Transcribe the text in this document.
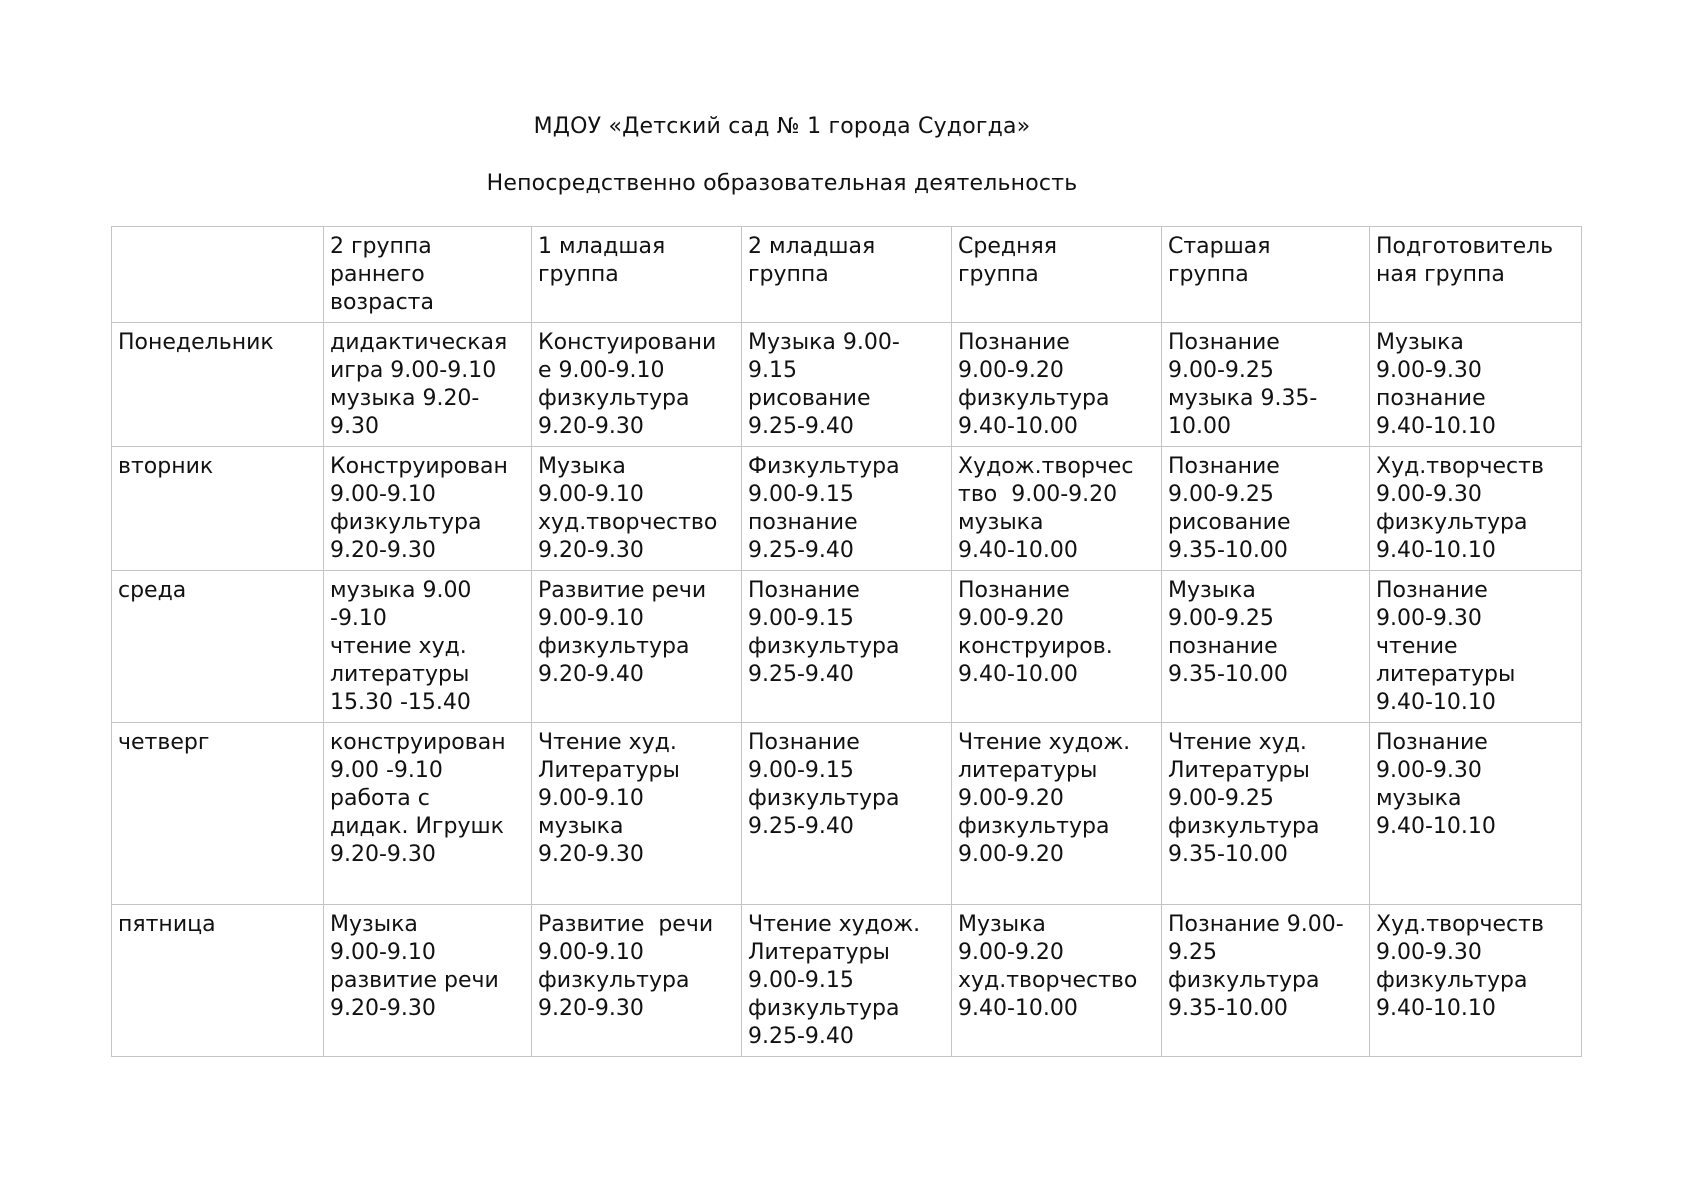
МДОУ «Детский сад № 1 города Судогда»
Непосредственно образовательная деятельность
	2 группа
раннего
возраста	1 младшая
группа	2 младшая
группа	Средняя
группа	Старшая
группа	Подготовитель
ная группа
Понедельник	дидактическая
игра 9.00-9.10
музыка 9.20-
9.30	Констуировани
е 9.00-9.10
физкультура
9.20-9.30	Музыка 9.00-
9.15
рисование
9.25-9.40	Познание
9.00-9.20
физкультура
9.40-10.00	Познание
9.00-9.25
музыка 9.35-
10.00	Музыка
9.00-9.30
познание
9.40-10.10
вторник	Конструирован
9.00-9.10
физкультура
9.20-9.30	Музыка
9.00-9.10
худ.творчество
9.20-9.30	Физкультура
9.00-9.15
познание
9.25-9.40	Худож.творчес
тво  9.00-9.20
музыка
9.40-10.00	Познание
9.00-9.25
рисование
9.35-10.00	Худ.творчеств
9.00-9.30
физкультура
9.40-10.10
среда	музыка 9.00
-9.10
чтение худ.
литературы
15.30 -15.40	Развитие речи
9.00-9.10
физкультура
9.20-9.40	Познание
9.00-9.15
физкультура
9.25-9.40	Познание
9.00-9.20
конструиров.
9.40-10.00	Музыка
9.00-9.25
познание
9.35-10.00	Познание
9.00-9.30
чтение
литературы
9.40-10.10
четверг	конструирован
9.00 -9.10
работа с
дидак. Игрушк
9.20-9.30	Чтение худ.
Литературы
9.00-9.10
музыка
9.20-9.30	Познание
9.00-9.15
физкультура
9.25-9.40	Чтение худож.
литературы
9.00-9.20
физкультура
9.00-9.20	Чтение худ.
Литературы
9.00-9.25
физкультура
9.35-10.00	Познание
9.00-9.30
музыка
9.40-10.10
пятница	Музыка
9.00-9.10
развитие речи
9.20-9.30	Развитие  речи
9.00-9.10
физкультура
9.20-9.30	Чтение худож.
Литературы
9.00-9.15
физкультура
9.25-9.40	Музыка
9.00-9.20
худ.творчество
9.40-10.00	Познание 9.00-
9.25
физкультура
9.35-10.00	Худ.творчеств
9.00-9.30
физкультура
9.40-10.10
